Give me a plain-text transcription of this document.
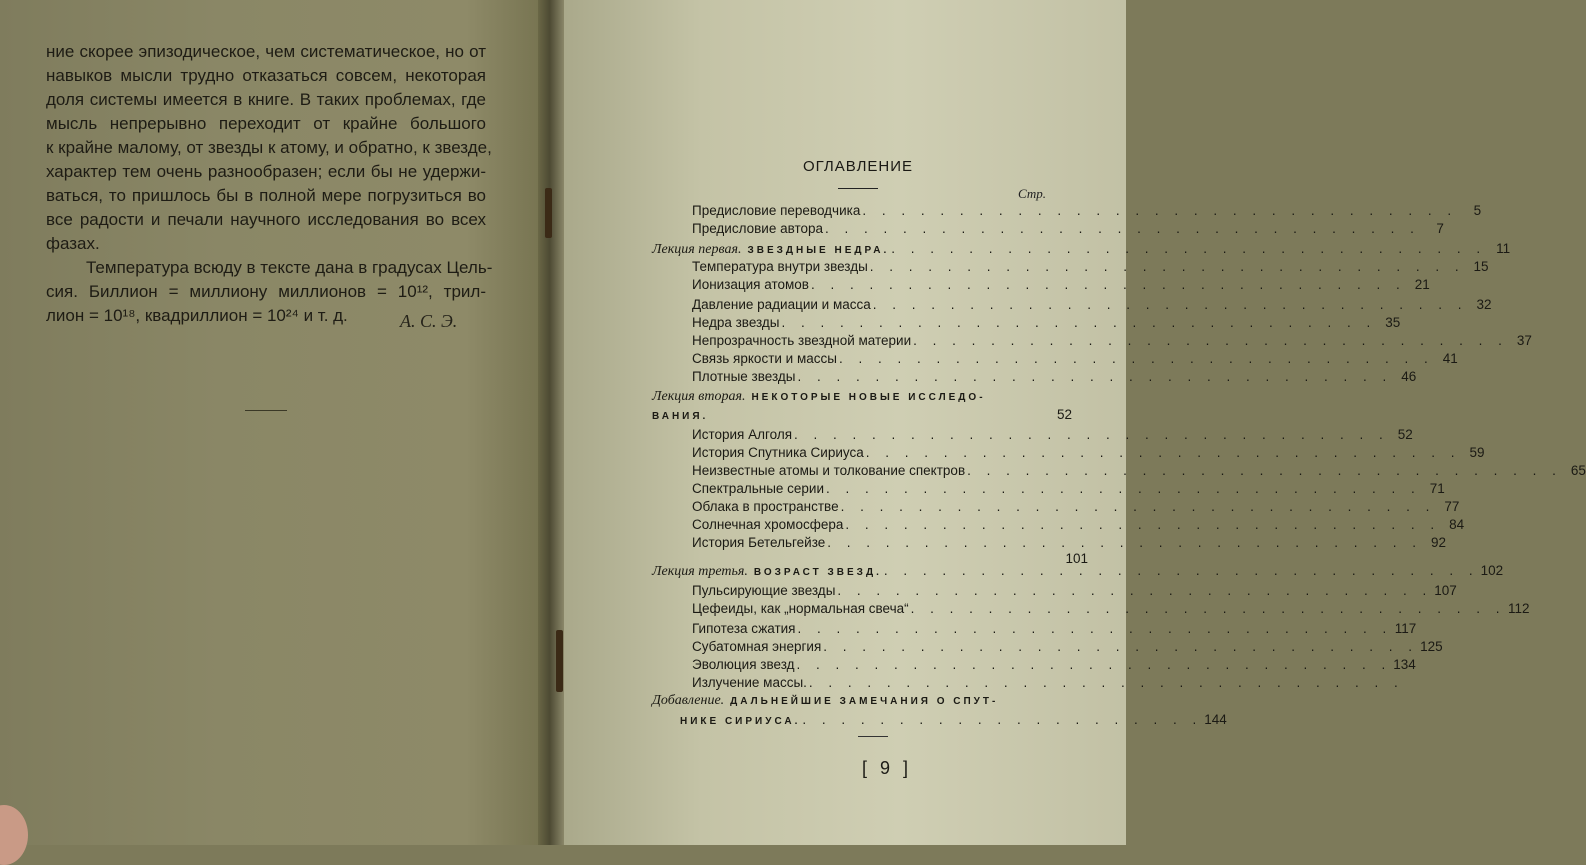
ние скорее эпизодическое, чем систематическое, но от
навыков мысли трудно отказаться совсем, некоторая
доля системы имеется в книге. В таких проблемах, где
мысль непрерывно переходит от крайне большого
к крайне малому, от звезды к атому, и обратно, к звезде,
характер тем очень разнообразен; если бы не удержи-
ваться, то пришлось бы в полной мере погрузиться во
все радости и печали научного исследования во всех
фазах.
Температура всюду в тексте дана в градусах Цель-
сия. Биллион = миллиону миллионов = 10¹², трил-
лион = 10¹⁸, квадриллион = 10²⁴ и т. д.	А. С. Э.
ОГЛАВЛЕНИЕ
Стр.
Предисловие переводчика . . . . . . . . . . . . . . . . . . . . . . . . . . . . . . .	5
Предисловие автора . . . . . . . . . . . . . . . . . . . . . . . . . . . . . . .	7
Лекция первая. ЗВЕЗДНЫЕ НЕДРА. . . . . . . . . . . . . . . . . . . . . . . . . . . . . . . . 11
Температура внутри звезды . . . . . . . . . . . . . . . . . . . . . . . . . . . . . . . 15
Ионизация атомов . . . . . . . . . . . . . . . . . . . . . . . . . . . . . . . 21
Давление радиации и масса . . . . . . . . . . . . . . . . . . . . . . . . . . . . . . . 32
Недра звезды . . . . . . . . . . . . . . . . . . . . . . . . . . . . . . . 35
Непрозрачность звездной материи . . . . . . . . . . . . . . . . . . . . . . . . . . . . . . . 37
Связь яркости и массы . . . . . . . . . . . . . . . . . . . . . . . . . . . . . . . 41
Плотные звезды . . . . . . . . . . . . . . . . . . . . . . . . . . . . . . . 46
Лекция вторая. НЕКОТОРЫЕ НОВЫЕ ИССЛЕДО-
ВАНИЯ.	52
История Алголя . . . . . . . . . . . . . . . . . . . . . . . . . . . . . . . 52
История Спутника Сириуса . . . . . . . . . . . . . . . . . . . . . . . . . . . . . . . 59
Неизвестные атомы и толкование спектров . . . . . . . . . . . . . . . . . . . . . . . . . . . . . . . 65
Спектральные серии . . . . . . . . . . . . . . . . . . . . . . . . . . . . . . . 71
Облака в пространстве . . . . . . . . . . . . . . . . . . . . . . . . . . . . . . . 77
Солнечная хромосфера . . . . . . . . . . . . . . . . . . . . . . . . . . . . . . . 84
История Бетельгейзе . . . . . . . . . . . . . . . . . . . . . . . . . . . . . . . 92
101
Лекция третья. ВОЗРАСТ ЗВЕЗД. . . . . . . . . . . . . . . . . . . . . . . . . . . . . . . . 102
Пульсирующие звезды . . . . . . . . . . . . . . . . . . . . . . . . . . . . . . . 107
Цефеиды, как „нормальная свеча“ . . . . . . . . . . . . . . . . . . . . . . . . . . . . . . . 112
Гипотеза сжатия . . . . . . . . . . . . . . . . . . . . . . . . . . . . . . . 117
Субатомная энергия . . . . . . . . . . . . . . . . . . . . . . . . . . . . . . . 125
Эволюция звезд . . . . . . . . . . . . . . . . . . . . . . . . . . . . . . . 134
Излучение массы. . . . . . . . . . . . . . . . . . . . . . . . . . . . . . . .
Добавление. ДАЛЬНЕЙШИЕ ЗАМЕЧАНИЯ О СПУТ-
НИКЕ СИРИУСА. . . . . . . . . . . . . . . . . . . . . . 144
[ 9 ]
